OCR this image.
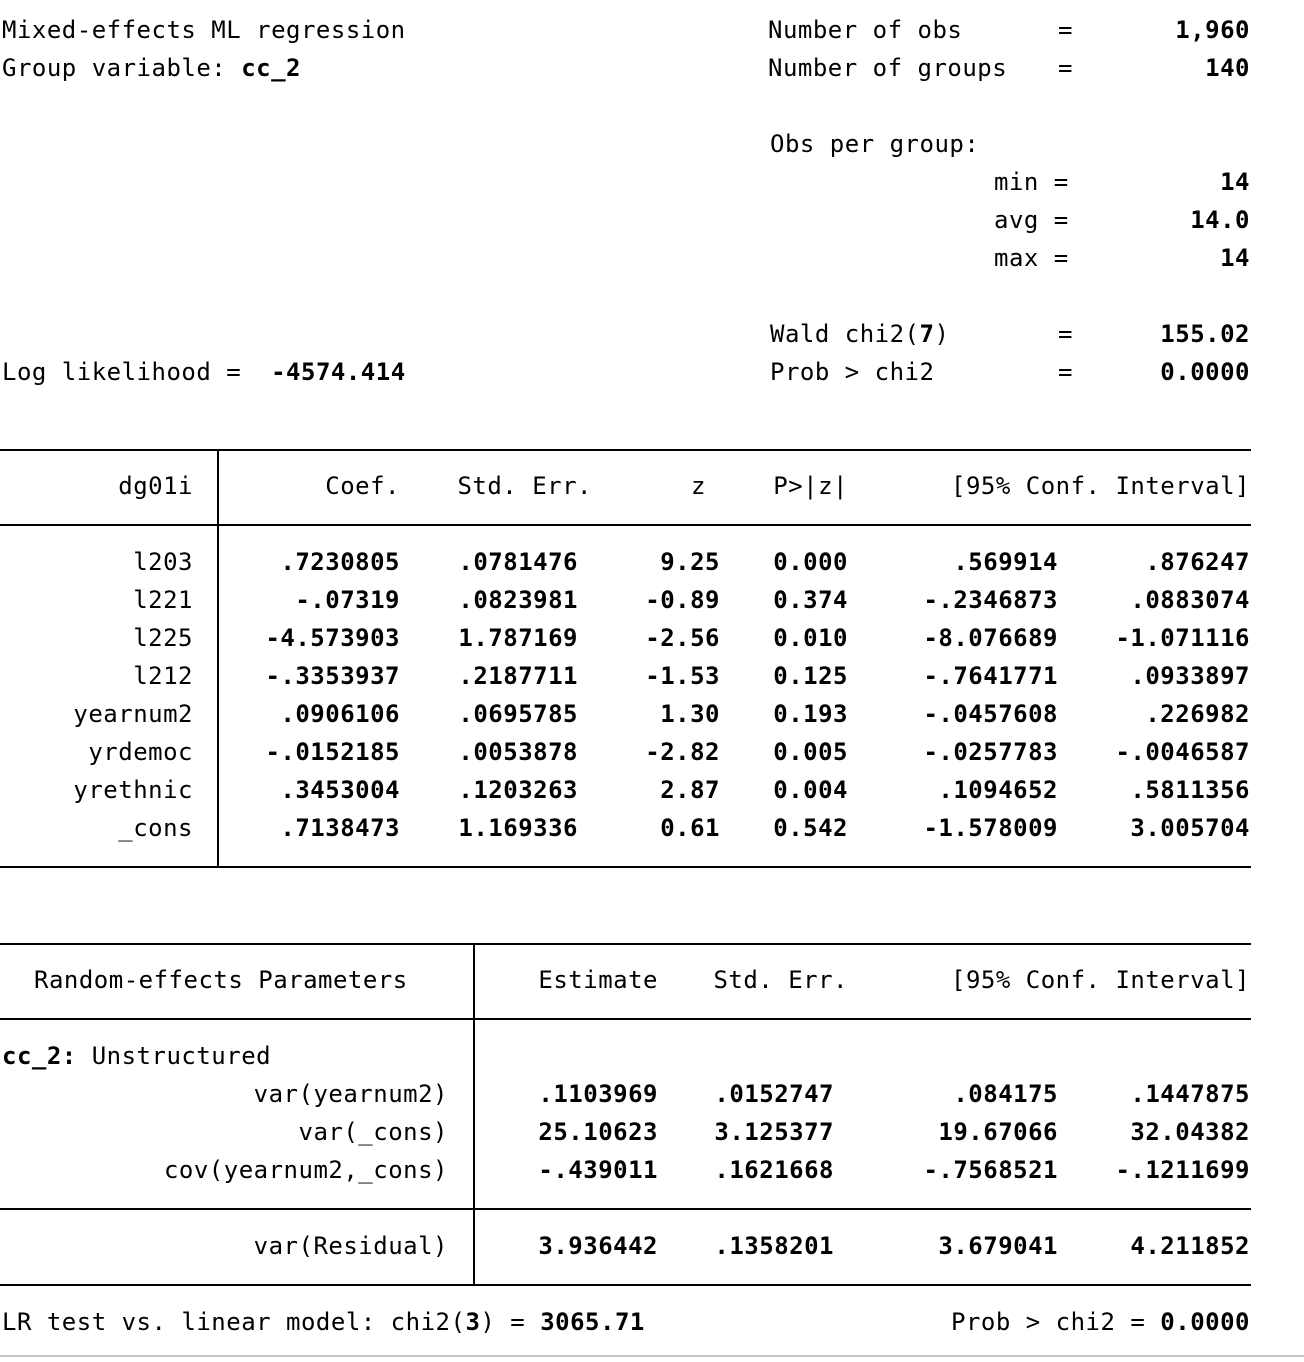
Mixed-effects ML regression
Group variable: cc_2
Number of obs	=	1,960
Number of groups =	140
Obs per group:
min =	14
avg =	14.0
max =	14
Wald chi2(7)	=	155.02
Log likelihood = -4574.414	Prob > chi2	=	0.0000
dg01i	Coef.	Std. Err.	z	P>|z|	[95% Conf. Interval]
l203	.7230805	.0781476	9.25	0.000	.569914	.876247
l221	-.07319	.0823981	-0.89	0.374	-.2346873	.0883074
l225	-4.573903	1.787169	-2.56	0.010	-8.076689	-1.071116
l212	-.3353937	.2187711	-1.53	0.125	-.7641771	.0933897
yearnum2	.0906106	.0695785	1.30	0.193	-.0457608	.226982
yrdemoc	-.0152185	.0053878	-2.82	0.005	-.0257783	-.0046587
yrethnic	.3453004	.1203263	2.87	0.004	.1094652	.5811356
_cons	.7138473	1.169336	0.61	0.542	-1.578009	3.005704
Random-effects Parameters	Estimate	Std. Err.	[95% Conf. Interval]
cc_2: Unstructured
var(yearnum2)	.1103969	.0152747	.084175	.1447875
var(_cons)	25.10623	3.125377	19.67066	32.04382
cov(yearnum2,_cons)	-.439011	.1621668	-.7568521	-.1211699
var(Residual)	3.936442	.1358201	3.679041	4.211852
LR test vs. linear model: chi2(3) = 3065.71	Prob > chi2 = 0.0000
